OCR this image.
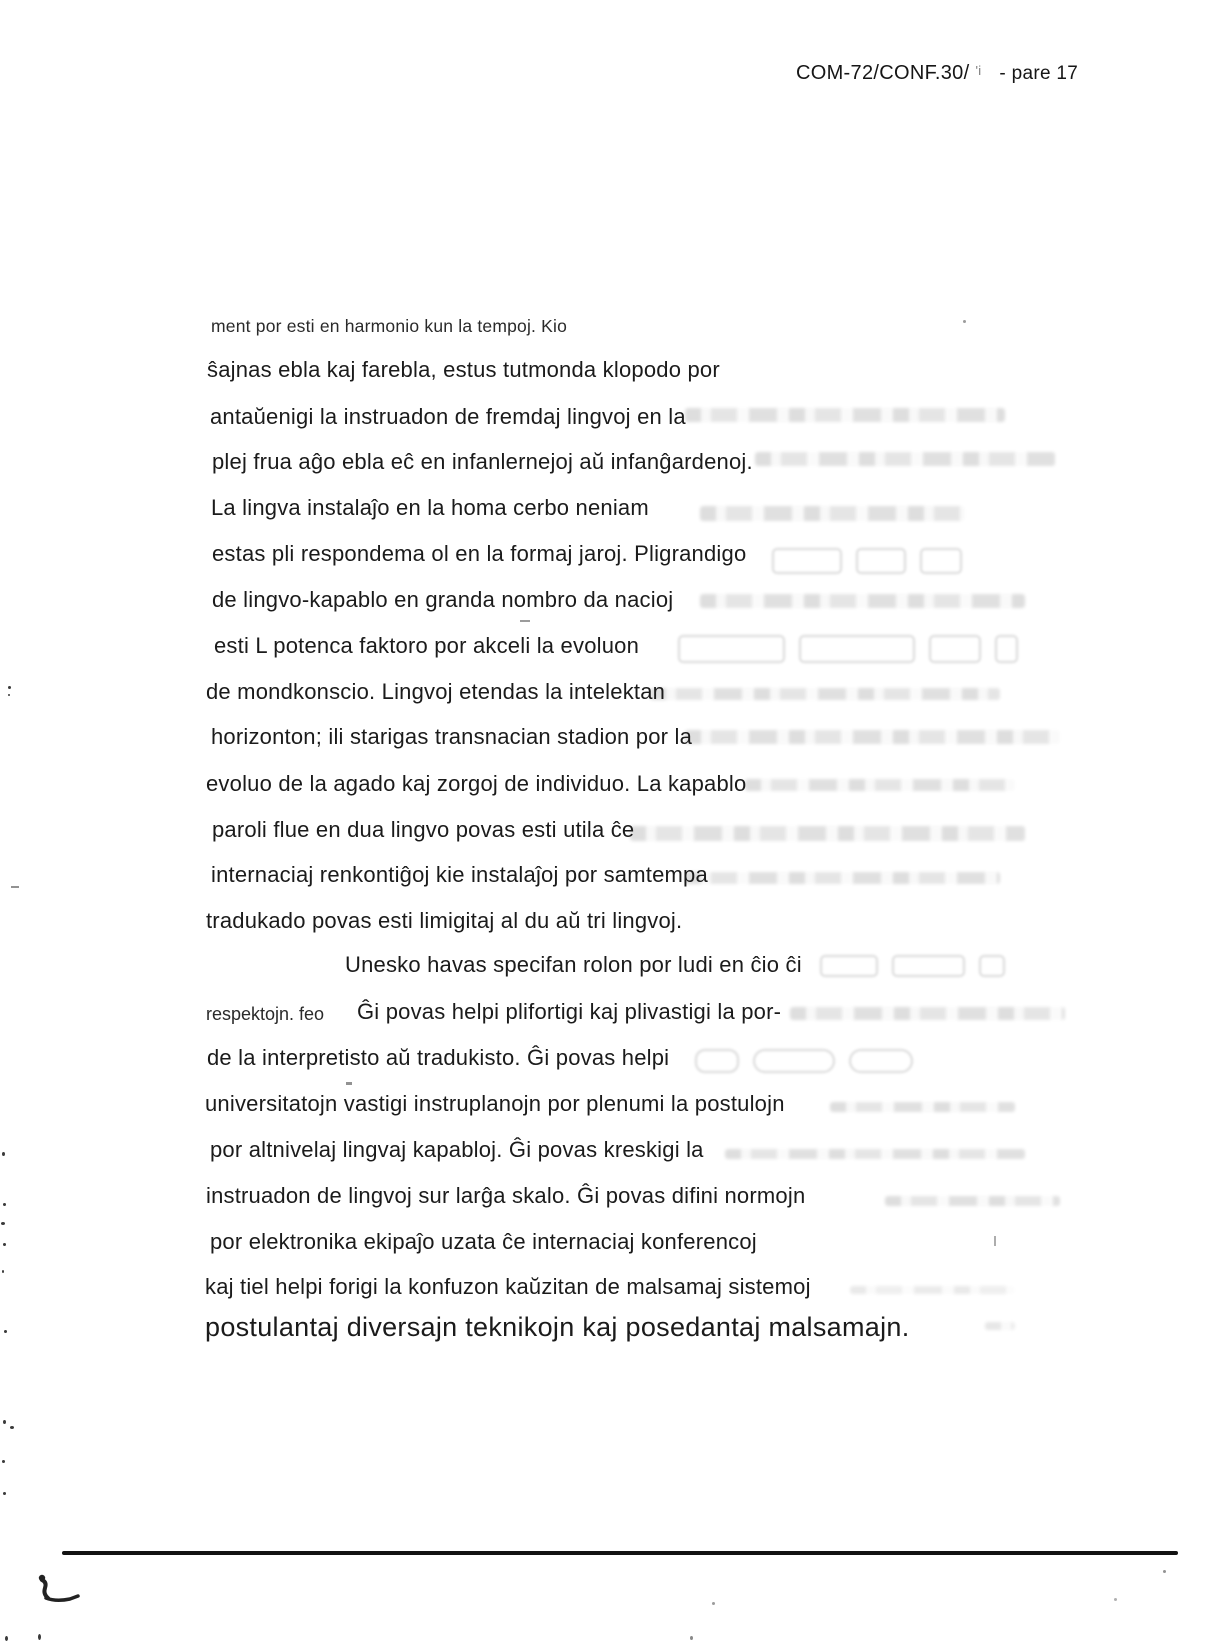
COM-72/CONF.30/ 'i - pare 17
ment por esti en harmonio kun la tempoj. Kio
ŝajnas ebla kaj farebla, estus tutmonda klopodo por
antaŭenigi la instruadon de fremdaj lingvoj en la
plej frua aĝo ebla eĉ en infanlernejoj aŭ infanĝardenoj.
La lingva instalaĵo en la homa cerbo neniam
estas pli respondema ol en la formaj jaroj. Pligrandigo
de lingvo-kapablo en granda nombro da nacioj
esti L potenca faktoro por akceli la evoluon
de mondkonscio. Lingvoj etendas la intelektan
horizonton; ili starigas transnacian stadion por la
evoluo de la agado kaj zorgoj de individuo. La kapablo
paroli flue en dua lingvo povas esti utila ĉe
internaciaj renkontiĝoj kie instalaĵoj por samtempa
tradukado povas esti limigitaj al du aŭ tri lingvoj.
Unesko havas specifan rolon por ludi en ĉio ĉi
respektojn. feo Ĝi povas helpi plifortigi kaj plivastigi la por-
de la interpretisto aŭ tradukisto. Ĝi povas helpi
universitatojn vastigi instruplanojn por plenumi la postulojn
por altnivelaj lingvaj kapabloj. Ĝi povas kreskigi la
instruadon de lingvoj sur larĝa skalo. Ĝi povas difini normojn
por elektronika ekipaĵo uzata ĉe internaciaj konferencoj
kaj tiel helpi forigi la konfuzon kaŭzitan de malsamaj sistemoj
postulantaj diversajn teknikojn kaj posedantaj malsamajn.
